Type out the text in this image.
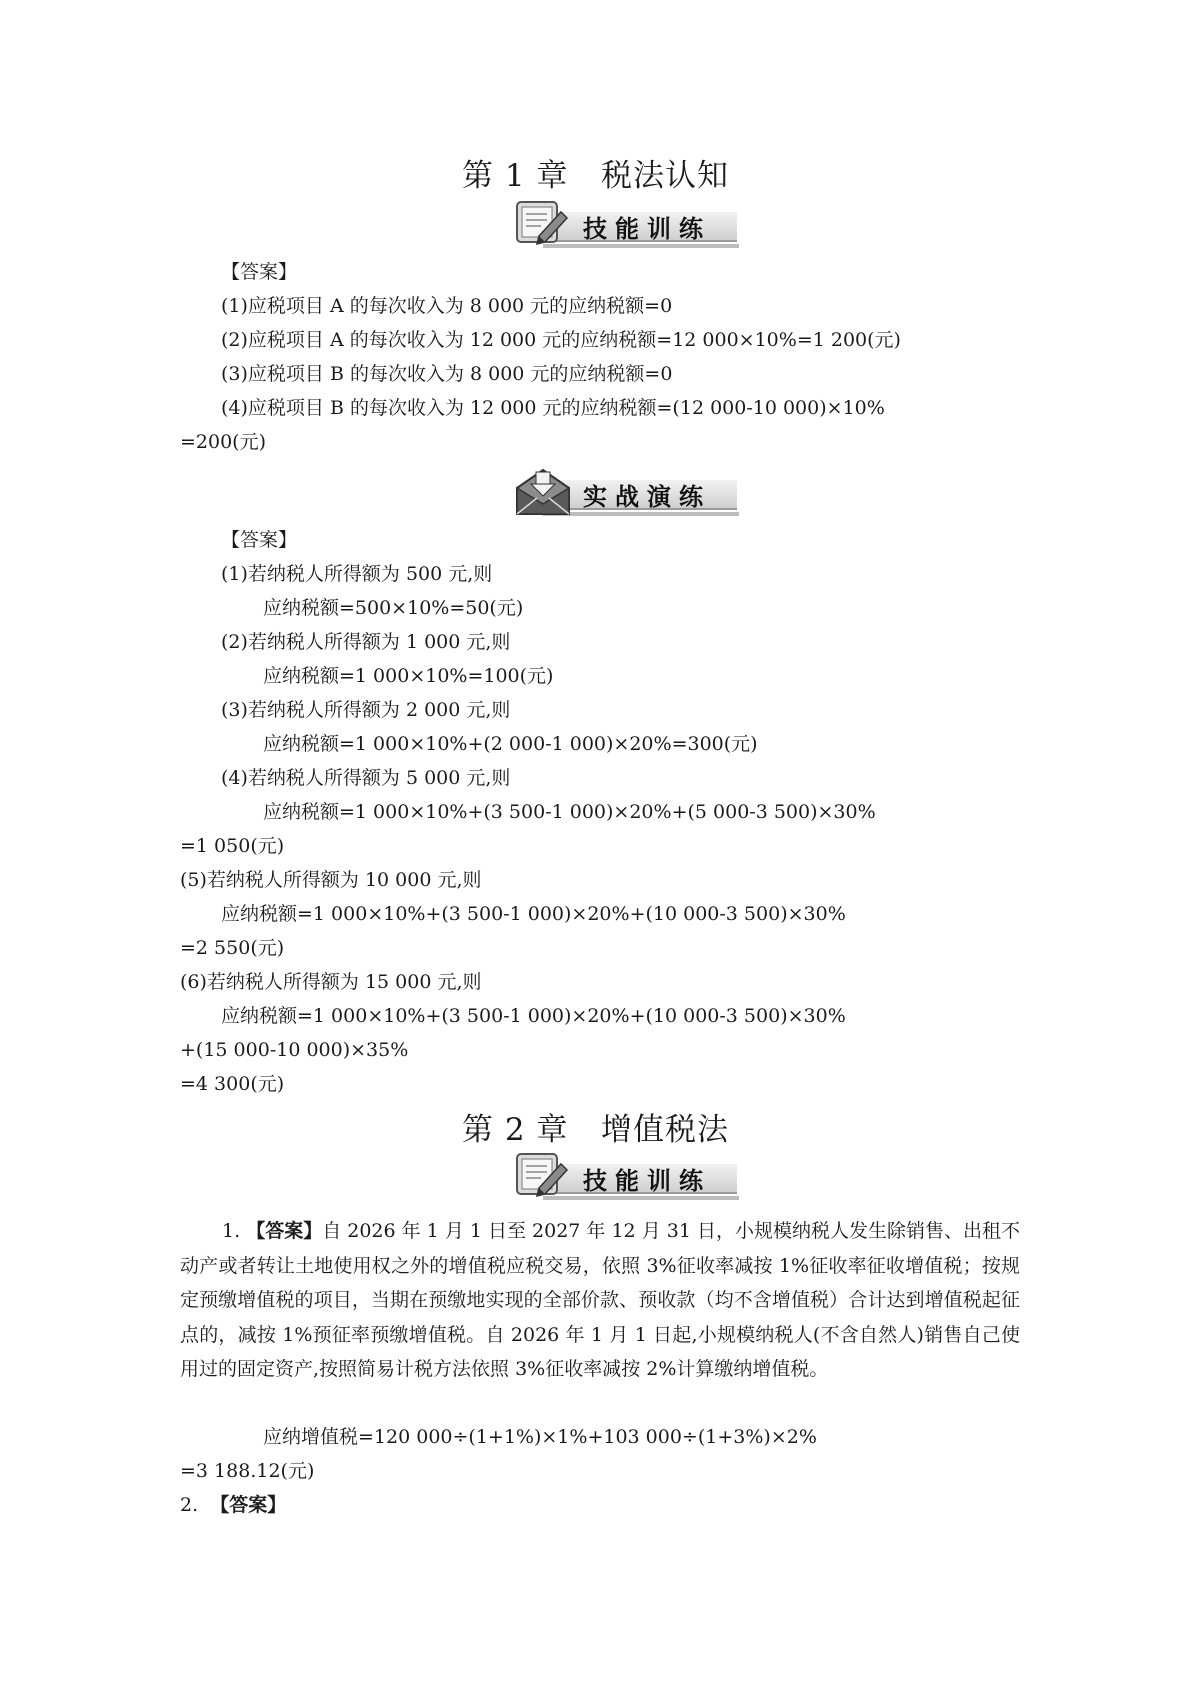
第 1 章   税法认知
技能训练
【答案】
(1)应税项目 A 的每次收入为 8 000 元的应纳税额=0
(2)应税项目 A 的每次收入为 12 000 元的应纳税额=12 000×10%=1 200(元)
(3)应税项目 B 的每次收入为 8 000 元的应纳税额=0
(4)应税项目 B 的每次收入为 12 000 元的应纳税额=(12 000-10 000)×10%
=200(元)
实战演练
【答案】
(1)若纳税人所得额为 500 元,则
应纳税额=500×10%=50(元)
(2)若纳税人所得额为 1 000 元,则
应纳税额=1 000×10%=100(元)
(3)若纳税人所得额为 2 000 元,则
应纳税额=1 000×10%+(2 000-1 000)×20%=300(元)
(4)若纳税人所得额为 5 000 元,则
应纳税额=1 000×10%+(3 500-1 000)×20%+(5 000-3 500)×30%
=1 050(元)
(5)若纳税人所得额为 10 000 元,则
应纳税额=1 000×10%+(3 500-1 000)×20%+(10 000-3 500)×30%
=2 550(元)
(6)若纳税人所得额为 15 000 元,则
应纳税额=1 000×10%+(3 500-1 000)×20%+(10 000-3 500)×30%
+(15 000-10 000)×35%
=4 300(元)
第 2 章   增值税法
技能训练
1. 【答案】自 2026 年 1 月 1 日至 2027 年 12 月 31 日，小规模纳税人发生除销售、出租不动产或者转让土地使用权之外的增值税应税交易，依照 3%征收率减按 1%征收率征收增值税；按规定预缴增值税的项目，当期在预缴地实现的全部价款、预收款（均不含增值税）合计达到增值税起征点的，减按 1%预征率预缴增值税。自 2026 年 1 月 1 日起,小规模纳税人(不含自然人)销售自己使用过的固定资产,按照简易计税方法依照 3%征收率减按 2%计算缴纳增值税。
应纳增值税=120 000÷(1+1%)×1%+103 000÷(1+3%)×2%
=3 188.12(元)
2. 【答案】
